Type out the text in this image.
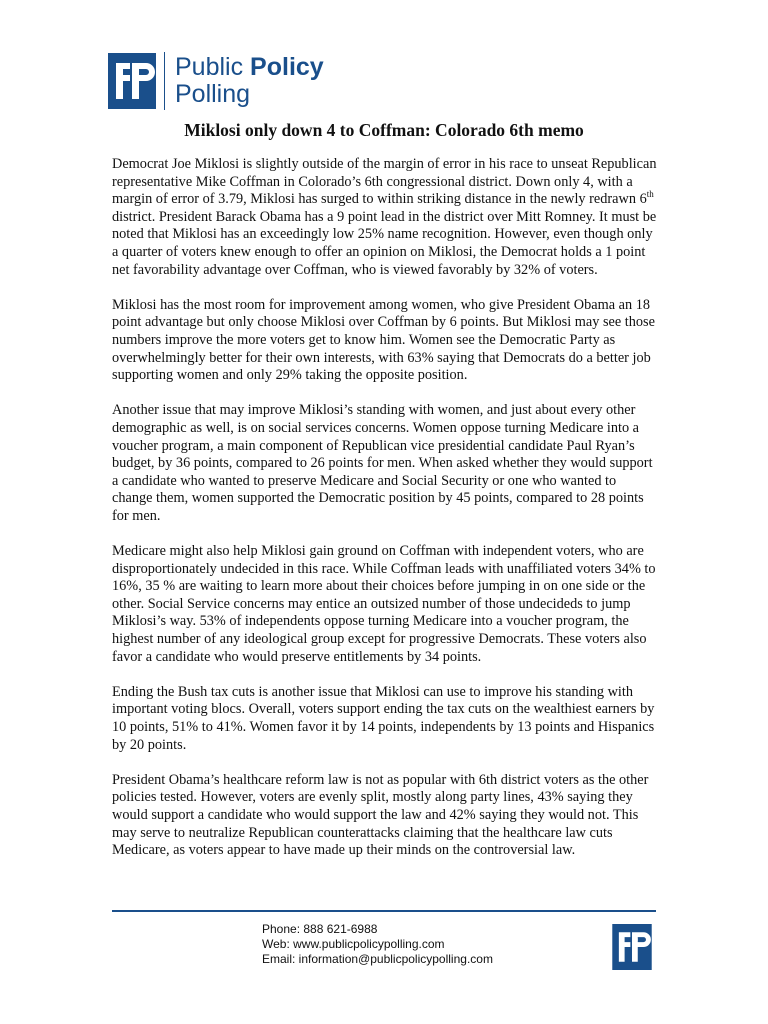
Public Policy
Polling
Miklosi only down 4 to Coffman: Colorado 6th memo

Democrat Joe Miklosi is slightly outside of the margin of error in his race to unseat Republican representative Mike Coffman in Colorado’s 6th congressional district. Down only 4, with a margin of error of 3.79, Miklosi has surged to within striking distance in the newly redrawn 6th district. President Barack Obama has a 9 point lead in the district over Mitt Romney. It must be noted that Miklosi has an exceedingly low 25% name recognition. However, even though only a quarter of voters knew enough to offer an opinion on Miklosi, the Democrat holds a 1 point net favorability advantage over Coffman, who is viewed favorably by 32% of voters.

Miklosi has the most room for improvement among women, who give President Obama an 18 point advantage but only choose Miklosi over Coffman by 6 points. But Miklosi may see those numbers improve the more voters get to know him. Women see the Democratic Party as overwhelmingly better for their own interests, with 63% saying that Democrats do a better job supporting women and only 29% taking the opposite position.

Another issue that may improve Miklosi’s standing with women, and just about every other demographic as well, is on social services concerns. Women oppose turning Medicare into a voucher program, a main component of Republican vice presidential candidate Paul Ryan’s budget, by 36 points, compared to 26 points for men. When asked whether they would support a candidate who wanted to preserve Medicare and Social Security or one who wanted to change them, women supported the Democratic position by 45 points, compared to 28 points for men.

Medicare might also help Miklosi gain ground on Coffman with independent voters, who are disproportionately undecided in this race. While Coffman leads with unaffiliated voters 34% to 16%, 35 % are waiting to learn more about their choices before jumping in on one side or the other. Social Service concerns may entice an outsized number of those undecideds to jump Miklosi’s way. 53% of independents oppose turning Medicare into a voucher program, the highest number of any ideological group except for progressive Democrats. These voters also favor a candidate who would preserve entitlements by 34 points.

Ending the Bush tax cuts is another issue that Miklosi can use to improve his standing with important voting blocs. Overall, voters support ending the tax cuts on the wealthiest earners by 10 points, 51% to 41%. Women favor it by 14 points, independents by 13 points and Hispanics by 20 points.

President Obama’s healthcare reform law is not as popular with 6th district voters as the other policies tested. However, voters are evenly split, mostly along party lines, 43% saying they would support a candidate who would support the law and 42% saying they would not. This may serve to neutralize Republican counterattacks claiming that the healthcare law cuts Medicare, as voters appear to have made up their minds on the controversial law.

Phone: 888 621-6988
Web: www.publicpolicypolling.com
Email: information@publicpolicypolling.com
